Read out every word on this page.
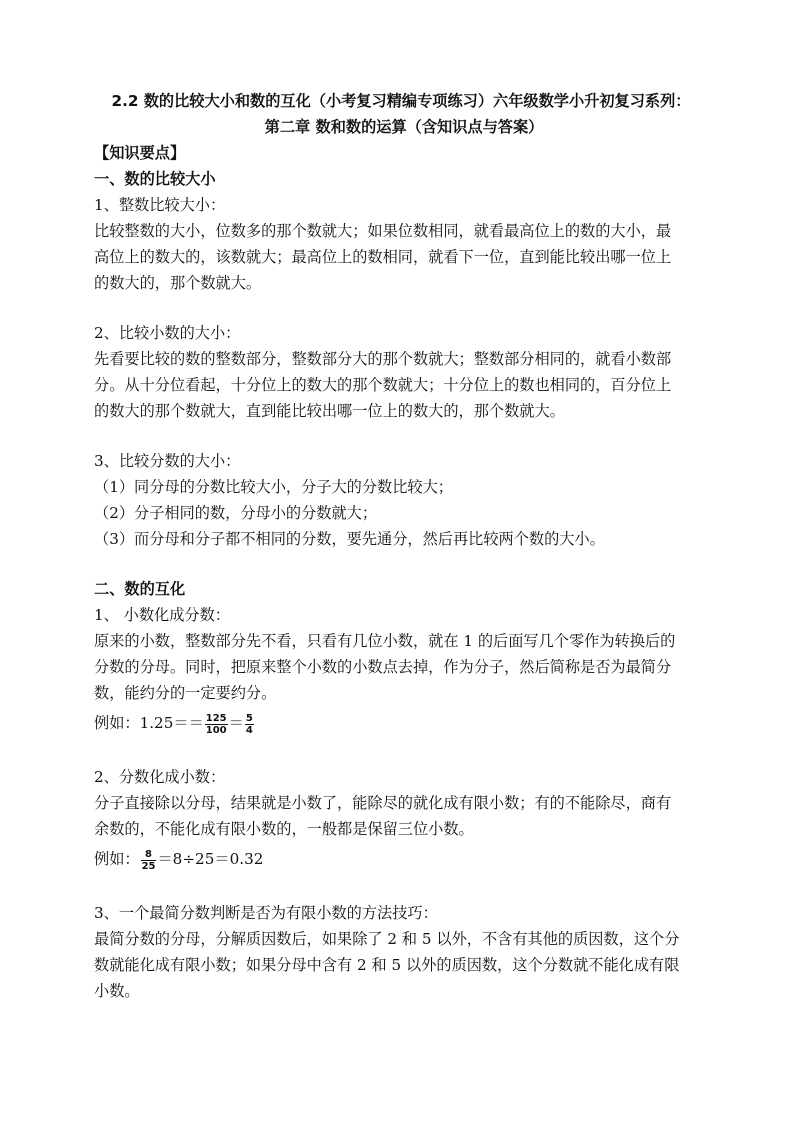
2.2 数的比较大小和数的互化（小考复习精编专项练习）六年级数学小升初复习系列：
第二章 数和数的运算（含知识点与答案）

【知识要点】

一、数的比较大小

1、整数比较大小：

比较整数的大小，位数多的那个数就大；如果位数相同，就看最高位上的数的大小，最

高位上的数大的，该数就大；最高位上的数相同，就看下一位，直到能比较出哪一位上

的数大的，那个数就大。

2、比较小数的大小：

先看要比较的数的整数部分，整数部分大的那个数就大；整数部分相同的，就看小数部

分。从十分位看起，十分位上的数大的那个数就大；十分位上的数也相同的，百分位上

的数大的那个数就大，直到能比较出哪一位上的数大的，那个数就大。

3、比较分数的大小：

（1）同分母的分数比较大小，分子大的分数比较大；

（2）分子相同的数，分母小的分数就大；

（3）而分母和分子都不相同的分数，要先通分，然后再比较两个数的大小。

二、数的互化

1、 小数化成分数：

原来的小数，整数部分先不看，只看有几位小数，就在 1 的后面写几个零作为转换后的

分数的分母。同时，把原来整个小数的小数点去掉，作为分子，然后简称是否为最简分

数，能约分的一定要约分。

例如：$1.25== \frac{125}{100} = \frac{5}{4}$

2、分数化成小数：

分子直接除以分母，结果就是小数了，能除尽的就化成有限小数；有的不能除尽，商有

余数的，不能化成有限小数的，一般都是保留三位小数。

例如： $\frac{8}{25} =8\div 25=0.32$

3、一个最简分数判断是否为有限小数的方法技巧：

最简分数的分母，分解质因数后，如果除了 2 和 5 以外，不含有其他的质因数，这个分

数就能化成有限小数；如果分母中含有 2 和 5 以外的质因数，这个分数就不能化成有限

小数。
